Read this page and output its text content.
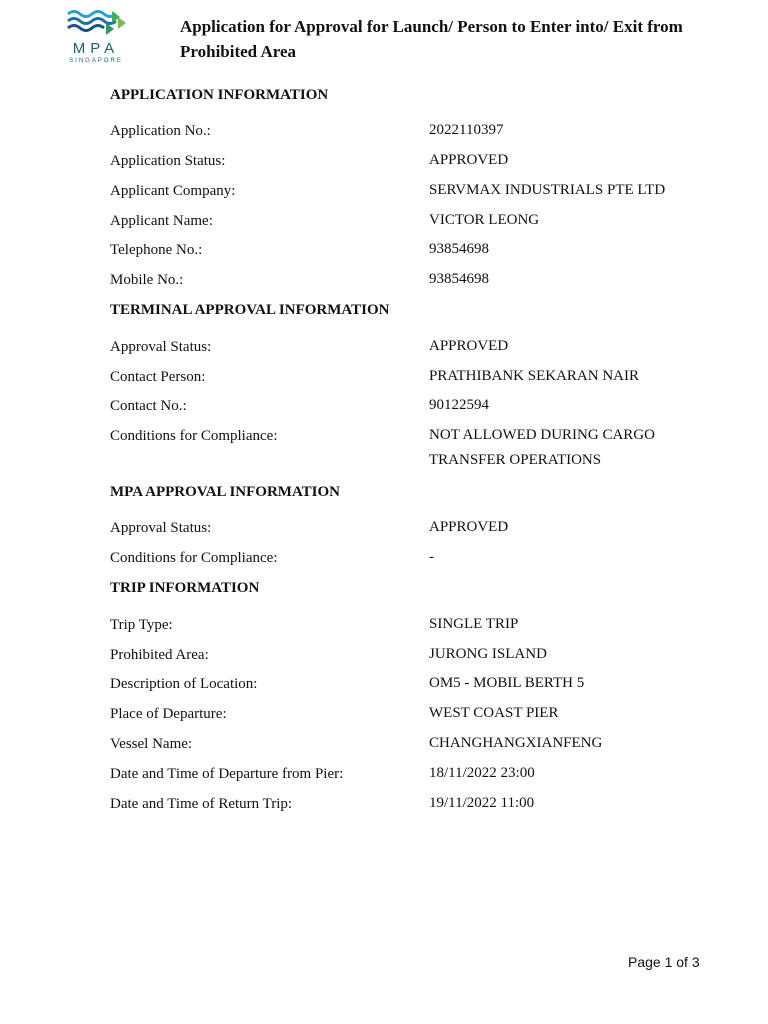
MPA
SINGAPORE
Application for Approval for Launch/ Person to Enter into/ Exit from Prohibited Area
APPLICATION INFORMATION
Application No.:	2022110397
Application Status:	APPROVED
Applicant Company:	SERVMAX INDUSTRIALS PTE LTD
Applicant Name:	VICTOR LEONG
Telephone No.:	93854698
Mobile No.:	93854698
TERMINAL APPROVAL INFORMATION
Approval Status:	APPROVED
Contact Person:	PRATHIBANK SEKARAN NAIR
Contact No.:	90122594
Conditions for Compliance:	NOT ALLOWED DURING CARGO TRANSFER OPERATIONS
MPA APPROVAL INFORMATION
Approval Status:	APPROVED
Conditions for Compliance:	-
TRIP INFORMATION
Trip Type:	SINGLE TRIP
Prohibited Area:	JURONG ISLAND
Description of Location:	OM5 - MOBIL BERTH 5
Place of Departure:	WEST COAST PIER
Vessel Name:	CHANGHANGXIANFENG
Date and Time of Departure from Pier:	18/11/2022 23:00
Date and Time of Return Trip:	19/11/2022 11:00
Page 1 of 3
